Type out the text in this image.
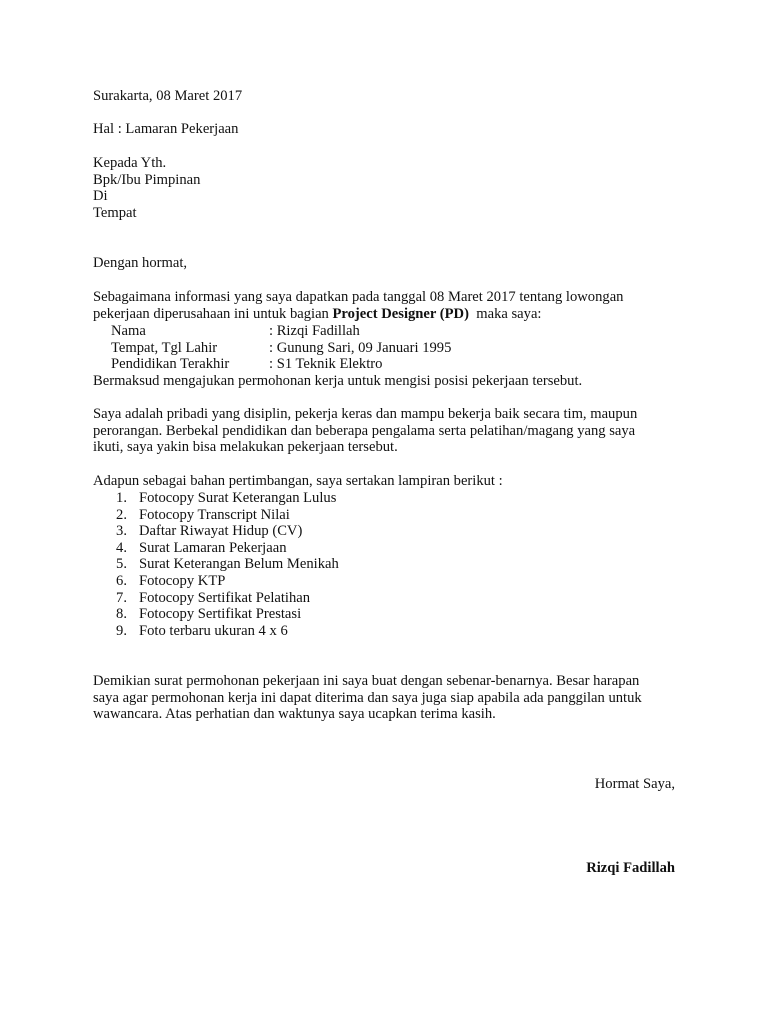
Surakarta, 08 Maret 2017
Hal : Lamaran Pekerjaan
Kepada Yth.
Bpk/Ibu Pimpinan
Di
Tempat
Dengan hormat,
Sebagaimana informasi yang saya dapatkan pada tanggal 08 Maret 2017 tentang lowongan
pekerjaan diperusahaan ini untuk bagian Project Designer (PD)  maka saya:
Nama	: Rizqi Fadillah
Tempat, Tgl Lahir	: Gunung Sari, 09 Januari 1995
Pendidikan Terakhir	: S1 Teknik Elektro
Bermaksud mengajukan permohonan kerja untuk mengisi posisi pekerjaan tersebut.
Saya adalah pribadi yang disiplin, pekerja keras dan mampu bekerja baik secara tim, maupun
perorangan. Berbekal pendidikan dan beberapa pengalama serta pelatihan/magang yang saya
ikuti, saya yakin bisa melakukan pekerjaan tersebut.
Adapun sebagai bahan pertimbangan, saya sertakan lampiran berikut :
1. Fotocopy Surat Keterangan Lulus
2. Fotocopy Transcript Nilai
3. Daftar Riwayat Hidup (CV)
4. Surat Lamaran Pekerjaan
5. Surat Keterangan Belum Menikah
6. Fotocopy KTP
7. Fotocopy Sertifikat Pelatihan
8. Fotocopy Sertifikat Prestasi
9. Foto terbaru ukuran 4 x 6
Demikian surat permohonan pekerjaan ini saya buat dengan sebenar-benarnya. Besar harapan
saya agar permohonan kerja ini dapat diterima dan saya juga siap apabila ada panggilan untuk
wawancara. Atas perhatian dan waktunya saya ucapkan terima kasih.
Hormat Saya,
Rizqi Fadillah
